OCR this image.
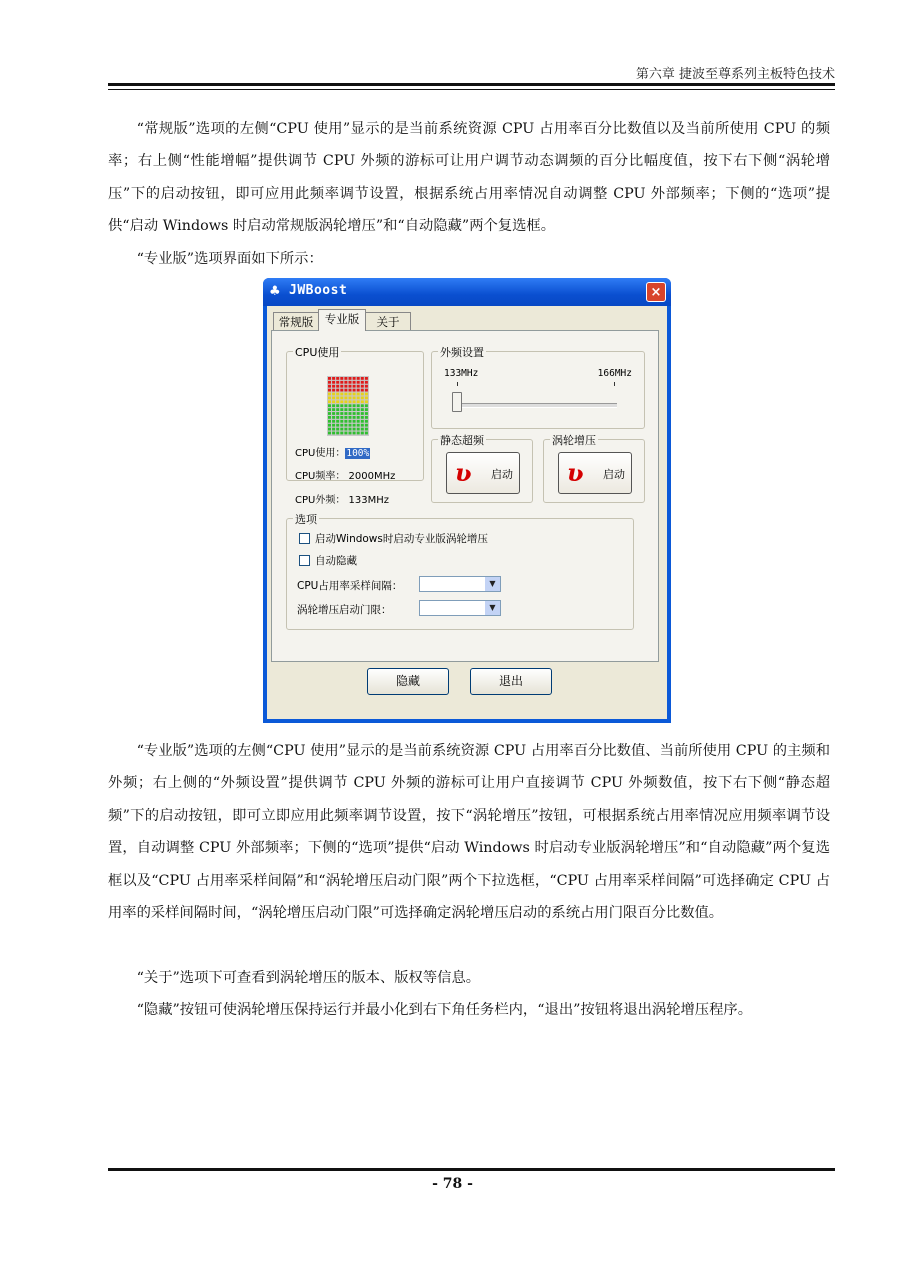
第六章 捷波至尊系列主板特色技术

“常规版”选项的左侧“CPU 使用”显示的是当前系统资源 CPU 占用率百分比数值以及当前所使用 CPU 的频率；右上侧“性能增幅”提供调节 CPU 外频的游标可让用户调节动态调频的百分比幅度值，按下右下侧“涡轮增压”下的启动按钮，即可应用此频率调节设置，根据系统占用率情况自动调整 CPU 外部频率；下侧的“选项”提供“启动 Windows 时启动常规版涡轮增压”和“自动隐藏”两个复选框。

“专业版”选项界面如下所示：

♣ JWBoost	×
常规版	专业版	关于
CPU使用
CPU使用：100%
CPU频率： 2000MHz
CPU外频： 133MHz
外频设置
133MHz	166MHz
静态超频
ʋ	启动
涡轮增压
ʋ	启动
选项
启动Windows时启动专业版涡轮增压
自动隐藏
CPU占用率采样间隔：	▼
涡轮增压启动门限：	▼
隐藏	退出

“专业版”选项的左侧“CPU 使用”显示的是当前系统资源 CPU 占用率百分比数值、当前所使用 CPU 的主频和外频；右上侧的“外频设置”提供调节 CPU 外频的游标可让用户直接调节 CPU 外频数值，按下右下侧“静态超频”下的启动按钮，即可立即应用此频率调节设置，按下“涡轮增压”按钮，可根据系统占用率情况应用频率调节设置，自动调整 CPU 外部频率；下侧的“选项”提供“启动 Windows 时启动专业版涡轮增压”和“自动隐藏”两个复选框以及“CPU 占用率采样间隔”和“涡轮增压启动门限”两个下拉选框，“CPU 占用率采样间隔”可选择确定 CPU 占用率的采样间隔时间，“涡轮增压启动门限”可选择确定涡轮增压启动的系统占用门限百分比数值。

“关于”选项下可查看到涡轮增压的版本、版权等信息。

“隐藏”按钮可使涡轮增压保持运行并最小化到右下角任务栏内，“退出”按钮将退出涡轮增压程序。

- 78 -
